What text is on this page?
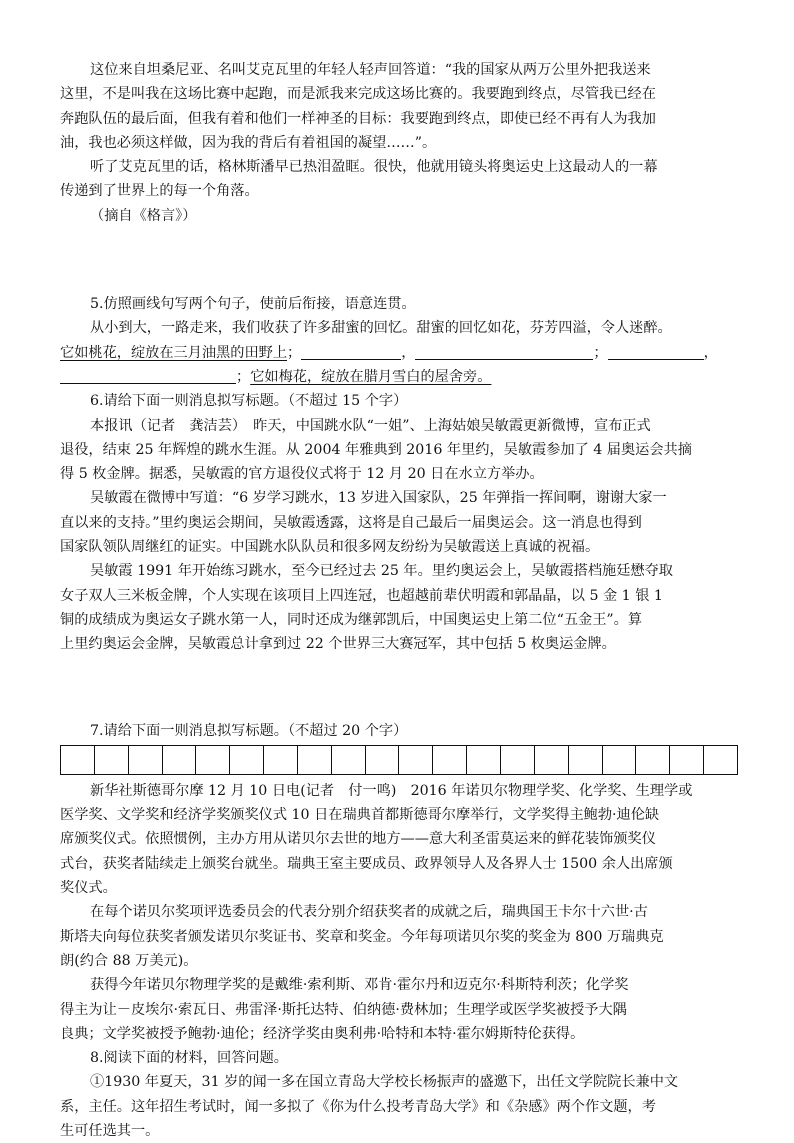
这位来自坦桑尼亚、名叫艾克瓦里的年轻人轻声回答道：“我的国家从两万公里外把我送来
这里，不是叫我在这场比赛中起跑，而是派我来完成这场比赛的。我要跑到终点，尽管我已经在
奔跑队伍的最后面，但我有着和他们一样神圣的目标：我要跑到终点，即使已经不再有人为我加
油，我也必须这样做，因为我的背后有着祖国的凝望……”。

听了艾克瓦里的话，格林斯潘早已热泪盈眶。很快，他就用镜头将奥运史上这最动人的一幕
传递到了世界上的每一个角落。

（摘自《格言》）

5.仿照画线句写两个句子，使前后衔接，语意连贯。

从小到大，一路走来，我们收获了许多甜蜜的回忆。甜蜜的回忆如花，芬芳四溢，令人迷醉。

它如桃花，绽放在三月油黑的田野上；	，	；	，

；它如梅花，绽放在腊月雪白的屋舍旁。

6.请给下面一则消息拟写标题。（不超过 15 个字）

本报讯（记者　龚洁芸）　昨天，中国跳水队“一姐”、上海姑娘吴敏霞更新微博，宣布正式
退役，结束 25 年辉煌的跳水生涯。从 2004 年雅典到 2016 年里约，吴敏霞参加了 4 届奥运会共摘
得 5 枚金牌。据悉，吴敏霞的官方退役仪式将于 12 月 20 日在水立方举办。

吴敏霞在微博中写道：“6 岁学习跳水，13 岁进入国家队，25 年弹指一挥间啊，谢谢大家一
直以来的支持。”里约奥运会期间，吴敏霞透露，这将是自己最后一届奥运会。这一消息也得到
国家队领队周继红的证实。中国跳水队队员和很多网友纷纷为吴敏霞送上真诚的祝福。

吴敏霞 1991 年开始练习跳水，至今已经过去 25 年。里约奥运会上，吴敏霞搭档施廷懋夺取
女子双人三米板金牌，个人实现在该项目上四连冠，也超越前辈伏明霞和郭晶晶，以 5 金 1 银 1
铜的成绩成为奥运女子跳水第一人，同时还成为继郭凯后，中国奥运史上第二位“五金王”。算
上里约奥运会金牌，吴敏霞总计拿到过 22 个世界三大赛冠军，其中包括 5 枚奥运金牌。

7.请给下面一则消息拟写标题。（不超过 20 个字）

新华社斯德哥尔摩 12 月 10 日电(记者　付一鸣)　2016 年诺贝尔物理学奖、化学奖、生理学或
医学奖、文学奖和经济学奖颁奖仪式 10 日在瑞典首都斯德哥尔摩举行，文学奖得主鲍勃·迪伦缺
席颁奖仪式。依照惯例，主办方用从诺贝尔去世的地方——意大利圣雷莫运来的鲜花装饰颁奖仪
式台，获奖者陆续走上颁奖台就坐。瑞典王室主要成员、政界领导人及各界人士 1500 余人出席颁
奖仪式。

在每个诺贝尔奖项评选委员会的代表分别介绍获奖者的成就之后，瑞典国王卡尔十六世·古
斯塔夫向每位获奖者颁发诺贝尔奖证书、奖章和奖金。今年每项诺贝尔奖的奖金为 800 万瑞典克
朗(约合 88 万美元)。

获得今年诺贝尔物理学奖的是戴维·索利斯、邓肯·霍尔丹和迈克尔·科斯特利茨；化学奖
得主为让－皮埃尔·索瓦日、弗雷泽·斯托达特、伯纳德·费林加；生理学或医学奖被授予大隅
良典；文学奖被授予鲍勃·迪伦；经济学奖由奥利弗·哈特和本特·霍尔姆斯特伦获得。

8.阅读下面的材料，回答问题。

①1930 年夏天，31 岁的闻一多在国立青岛大学校长杨振声的盛邀下，出任文学院院长兼中文
系，主任。这年招生考试时，闻一多拟了《你为什么投考青岛大学》和《杂感》两个作文题，考
生可任选其一。
